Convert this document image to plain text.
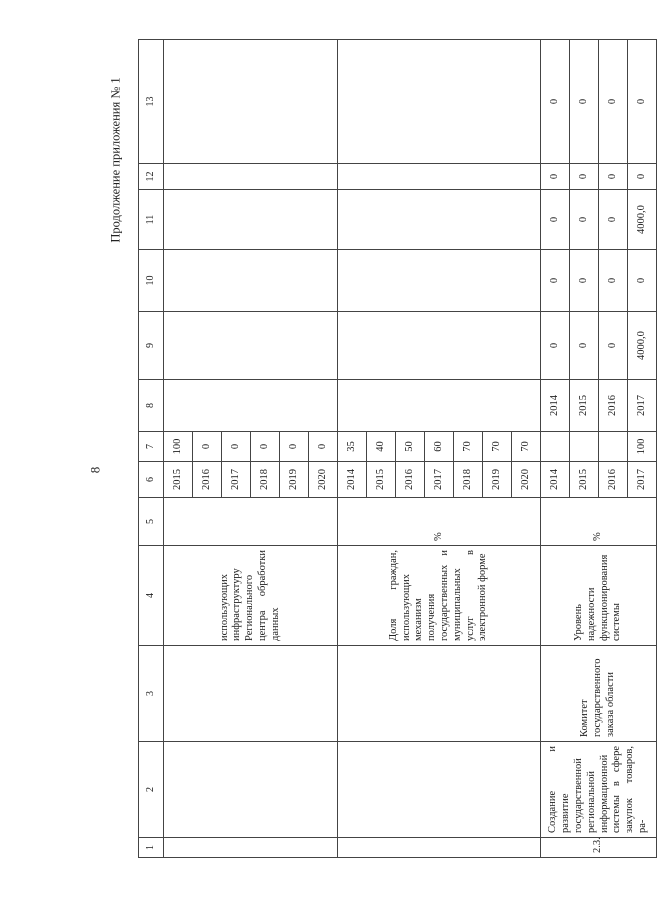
8
Продолжение приложения № 1
1	2	3	4	5	6	7	8	9	10	11	12	13
			использующих инфраструктуру Регионального центра обработки данных		2015	100						
					2016	0						
					2017	0						
					2018	0						
					2019	0						
					2020	0						
			Доля граждан, использующих механизм получения государственных и муниципальных услуг в электронной форме	%	2014	35						
					2015	40						
					2016	50						
					2017	60						
					2018	70						
					2019	70						
					2020	70						
2.3.	Создание и развитие государственной региональной информационной системы в сфере закупок товаров, ра-	Комитет государственного заказа области	Уровень надежности функционирования системы	%	2014		2014	0	0	0	0	0
					2015		2015	0	0	0	0	0
					2016		2016	0	0	0	0	0
					2017	100	2017	4000,0	0	4000,0	0	0
